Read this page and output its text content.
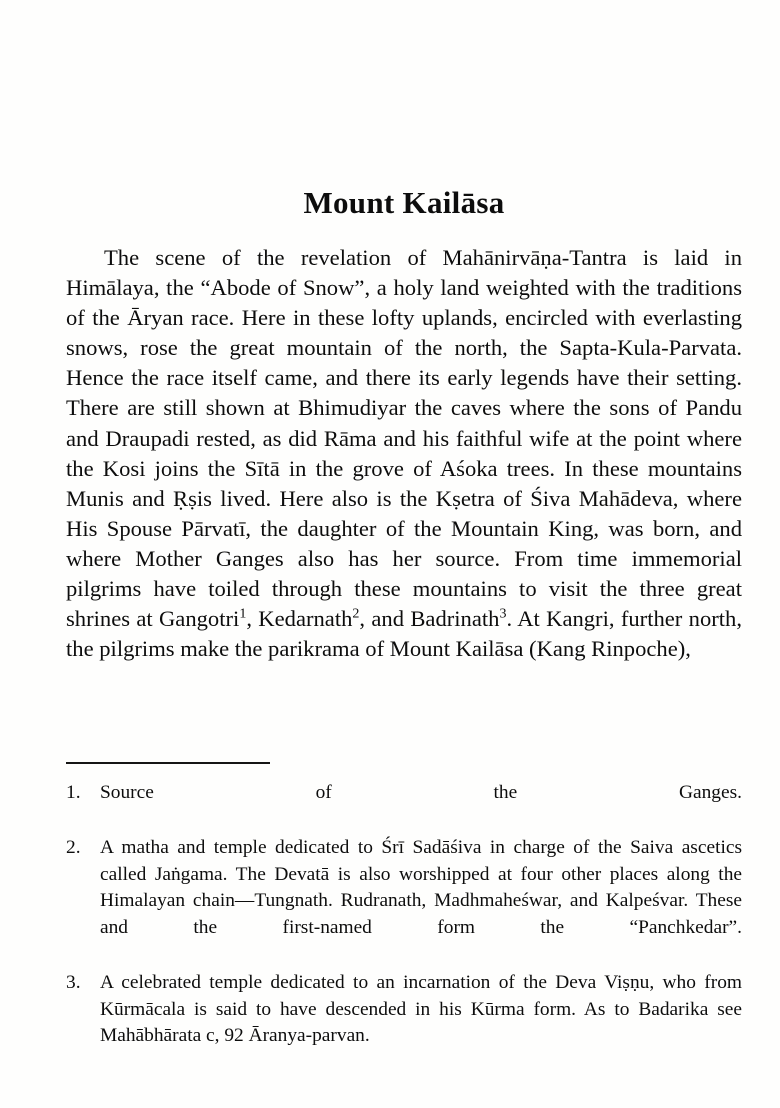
Mount Kailāsa

The scene of the revelation of Mahānirvāṇa-Tantra is laid in Himālaya, the “Abode of Snow”, a holy land weighted with the traditions of the Āryan race. Here in these lofty uplands, encircled with everlasting snows, rose the great mountain of the north, the Sapta-Kula-Parvata. Hence the race itself came, and there its early legends have their setting. There are still shown at Bhimudiyar the caves where the sons of Pandu and Draupadi rested, as did Rāma and his faithful wife at the point where the Kosi joins the Sītā in the grove of Aśoka trees. In these mountains Munis and Ṛṣis lived. Here also is the Kṣetra of Śiva Mahādeva, where His Spouse Pārvatī, the daughter of the Mountain King, was born, and where Mother Ganges also has her source. From time immemorial pilgrims have toiled through these mountains to visit the three great shrines at Gangotri$^1$, Kedarnath$^2$, and Badrinath$^3$. At Kangri, further north, the pilgrims make the parikrama of Mount Kailāsa (Kang Rinpoche),

1.	Source of the Ganges.
2.	A matha and temple dedicated to Śrī Sadāśiva in charge of the Saiva ascetics called Jaṅgama. The Devatā is also worshipped at four other places along the Himalayan chain—Tungnath. Rudranath, Madhmaheśwar, and Kalpeśvar. These and the first-named form the “Panchkedar”.
3.	A celebrated temple dedicated to an incarnation of the Deva Viṣṇu, who from Kūrmācala is said to have descended in his Kūrma form. As to Badarika see Mahābhārata c, 92 Āranya-parvan.
